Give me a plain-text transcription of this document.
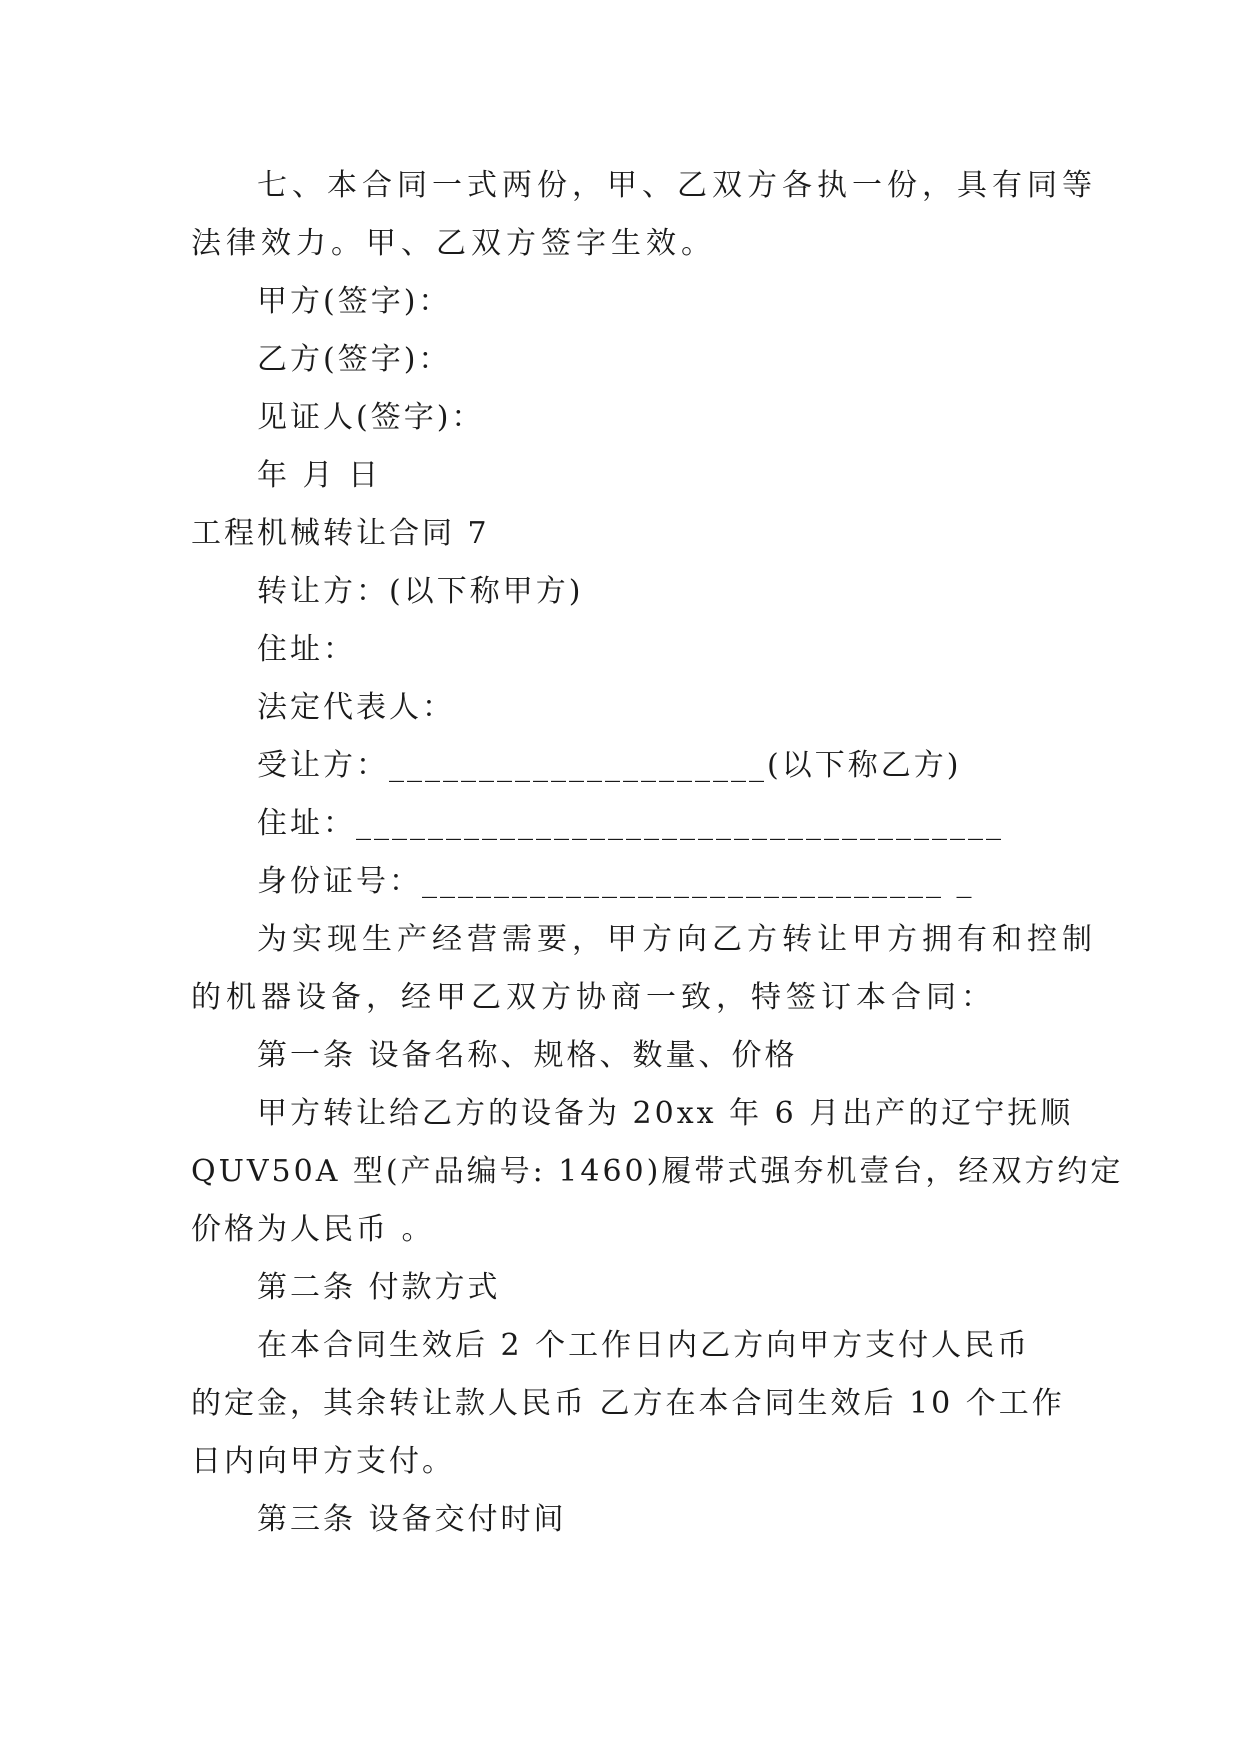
七、本合同一式两份，甲、乙双方各执一份，具有同等
法律效力。甲、乙双方签字生效。
甲方(签字)：
乙方(签字)：
见证人(签字)：
年 月 日
工程机械转让合同 7
转让方：(以下称甲方)
住址：
法定代表人：
受让方：_____________________(以下称乙方)
住址：____________________________________
身份证号：_____________________________ _
为实现生产经营需要，甲方向乙方转让甲方拥有和控制
的机器设备，经甲乙双方协商一致，特签订本合同：
第一条 设备名称、规格、数量、价格
甲方转让给乙方的设备为 20xx 年 6 月出产的辽宁抚顺
QUV50A 型(产品编号: 1460)履带式强夯机壹台，经双方约定
价格为人民币 。
第二条 付款方式
在本合同生效后 2 个工作日内乙方向甲方支付人民币
的定金，其余转让款人民币 乙方在本合同生效后 10 个工作
日内向甲方支付。
第三条 设备交付时间
